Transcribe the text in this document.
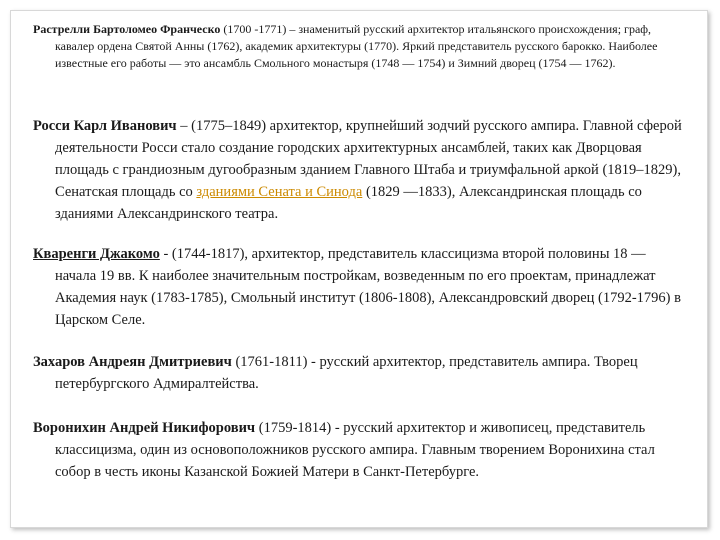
Растрелли Бартоломео Франческо (1700 -1771) – знаменитый русский архитектор итальянского происхождения; граф, кавалер ордена Святой Анны (1762), академик архитектуры (1770). Яркий представитель русского барокко. Наиболее известные его работы — это ансамбль Смольного монастыря (1748 — 1754) и Зимний дворец (1754 — 1762).

Росси Карл Иванович – (1775–1849) архитектор, крупнейший зодчий русского ампира. Главной сферой деятельности Росси стало создание городских архитектурных ансамблей, таких как Дворцовая площадь с грандиозным дугообразным зданием Главного Штаба и триумфальной аркой (1819–1829), Сенатская площадь со зданиями Сената и Синода (1829 —1833), Александринская площадь со зданиями Александринского театра.

Кваренги Джакомо - (1744-1817), архитектор, представитель классицизма второй половины 18 — начала 19 вв. К наиболее значительным постройкам, возведенным по его проектам, принадлежат Академия наук (1783-1785), Смольный институт (1806-1808), Александровский дворец (1792-1796) в Царском Селе.

Захаров Андреян Дмитриевич (1761-1811) - русский архитектор, представитель ампира. Творец петербургского Адмиралтейства.

Воронихин Андрей Никифорович (1759-1814) - русский архитектор и живописец, представитель классицизма, один из основоположников русского ампира. Главным творением Воронихина стал собор в честь иконы Казанской Божией Матери в Санкт-Петербурге.
